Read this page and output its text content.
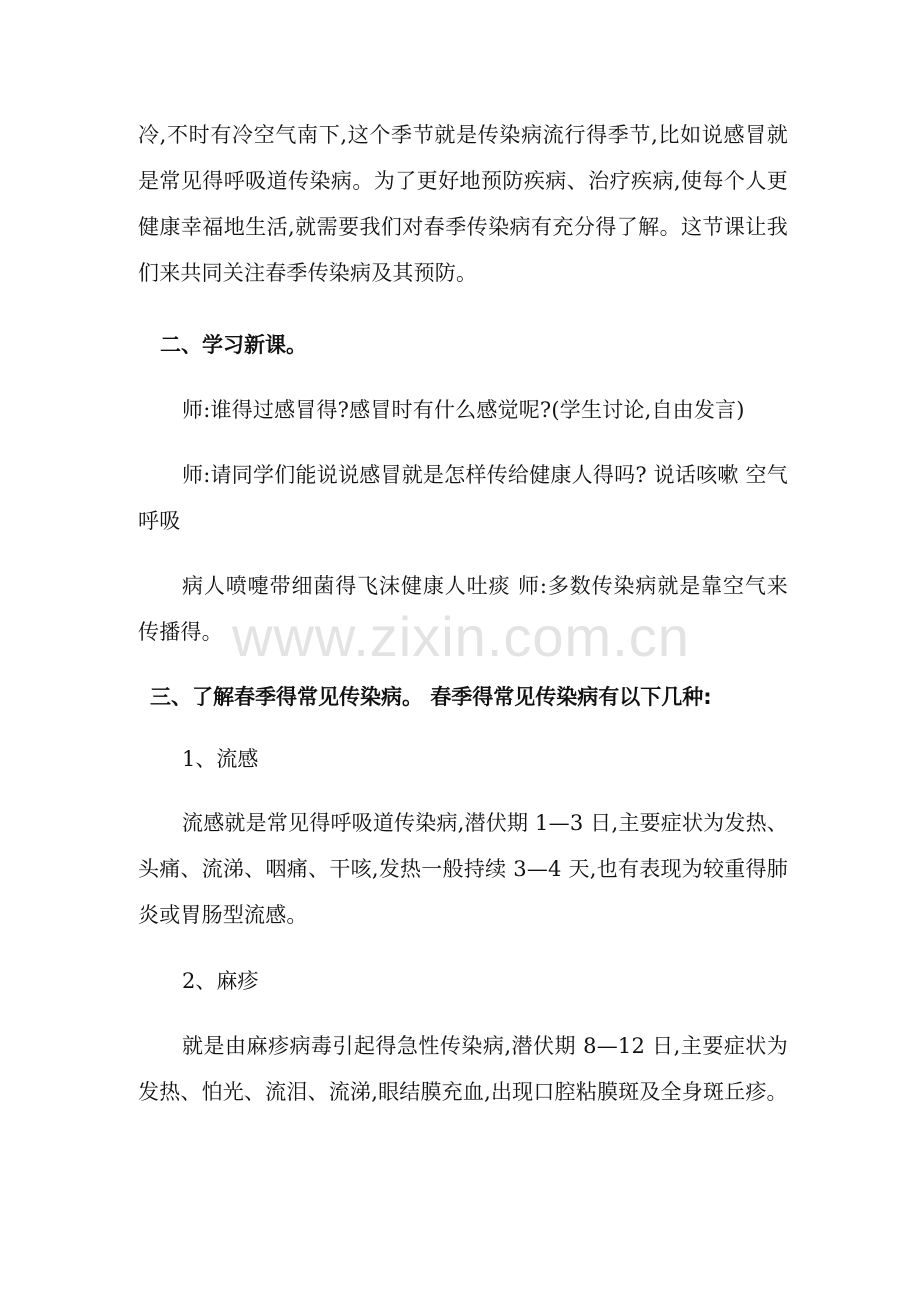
冷,不时有冷空气南下,这个季节就是传染病流行得季节,比如说感冒就是常见得呼吸道传染病。为了更好地预防疾病、治疗疾病,使每个人更健康幸福地生活,就需要我们对春季传染病有充分得了解。这节课让我们来共同关注春季传染病及其预防。

二、学习新课。

师:谁得过感冒得?感冒时有什么感觉呢?(学生讨论,自由发言)

师:请同学们能说说感冒就是怎样传给健康人得吗? 说话咳嗽 空气 呼吸

病人喷嚏带细菌得飞沫健康人吐痰 师:多数传染病就是靠空气来传播得。 www.zixin.com.cn

三、了解春季得常见传染病。 春季得常见传染病有以下几种:

1、流感

流感就是常见得呼吸道传染病,潜伏期 1—3 日,主要症状为发热、头痛、流涕、咽痛、干咳,发热一般持续 3—4 天,也有表现为较重得肺炎或胃肠型流感。

2、麻疹

就是由麻疹病毒引起得急性传染病,潜伏期 8—12 日,主要症状为发热、怕光、流泪、流涕,眼结膜充血,出现口腔粘膜斑及全身斑丘疹。
